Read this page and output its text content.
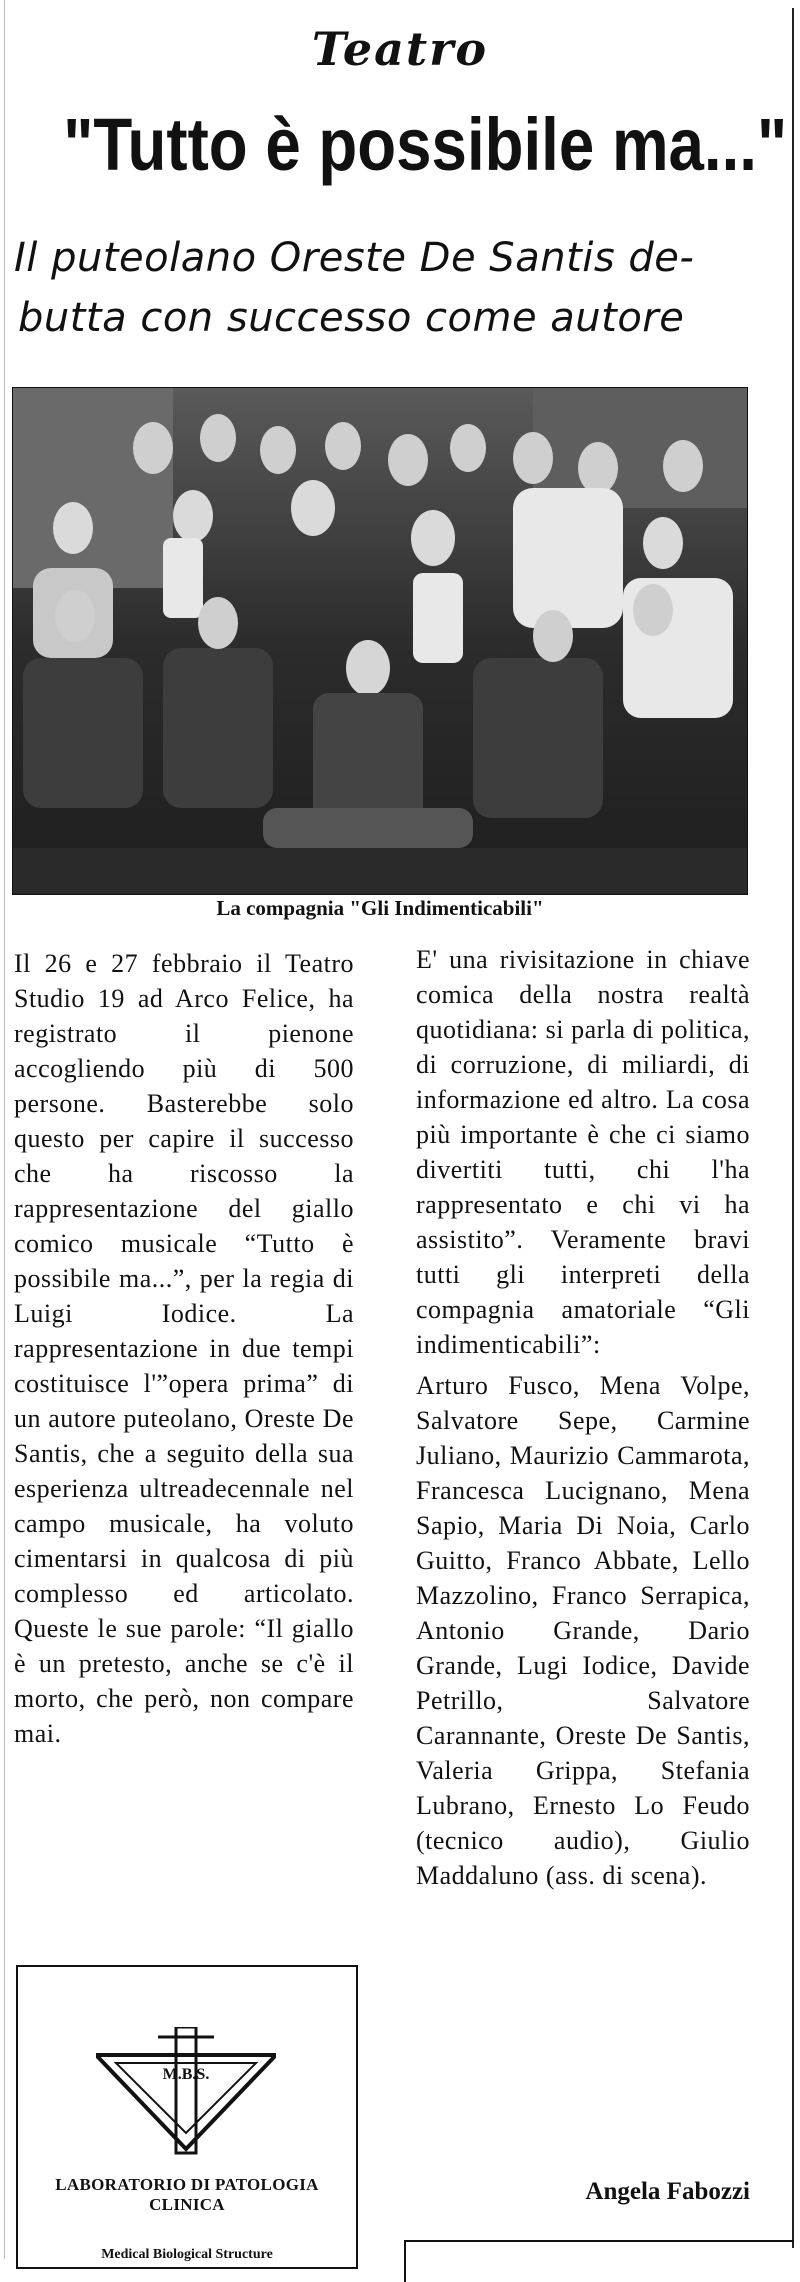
Teatro
"Tutto è possibile ma..."
Il puteolano Oreste De Santis de-
butta con successo come autore
La compagnia "Gli Indimenticabili"
Il 26 e 27 febbraio il Teatro Studio 19 ad Arco Felice, ha registrato il pienone accogliendo più di 500 persone. Basterebbe solo questo per capire il successo che ha riscosso la rappresentazione del giallo comico musicale “Tutto è possibile ma...”, per la regia di Luigi Iodice. La rappresentazione in due tempi costituisce l'”opera prima” di un autore puteolano, Oreste De Santis, che a seguito della sua esperienza ultreadecennale nel campo musicale, ha voluto cimentarsi in qualcosa di più complesso ed articolato. Queste le sue parole: “Il giallo è un pretesto, anche se c'è il morto, che però, non compare mai.
E' una rivisitazione in chiave comica della nostra realtà quotidiana: si parla di politica, di corruzione, di miliardi, di informazione ed altro. La cosa più importante è che ci siamo divertiti tutti, chi l'ha rappresentato e chi vi ha assistito”. Veramente bravi tutti gli interpreti della compagnia amatoriale “Gli indimenticabili”:
Arturo Fusco, Mena Volpe, Salvatore Sepe, Carmine Juliano, Maurizio Cammarota, Francesca Lucignano, Mena Sapio, Maria Di Noia, Carlo Guitto, Franco Abbate, Lello Mazzolino, Franco Serrapica, Antonio Grande, Dario Grande, Lugi Iodice, Davide Petrillo, Salvatore Carannante, Oreste De Santis, Valeria Grippa, Stefania Lubrano, Ernesto Lo Feudo (tecnico audio), Giulio Maddaluno (ass. di scena).
Angela Fabozzi
M.B.S.
LABORATORIO DI PATOLOGIA CLINICA
Medical Biological Structure
